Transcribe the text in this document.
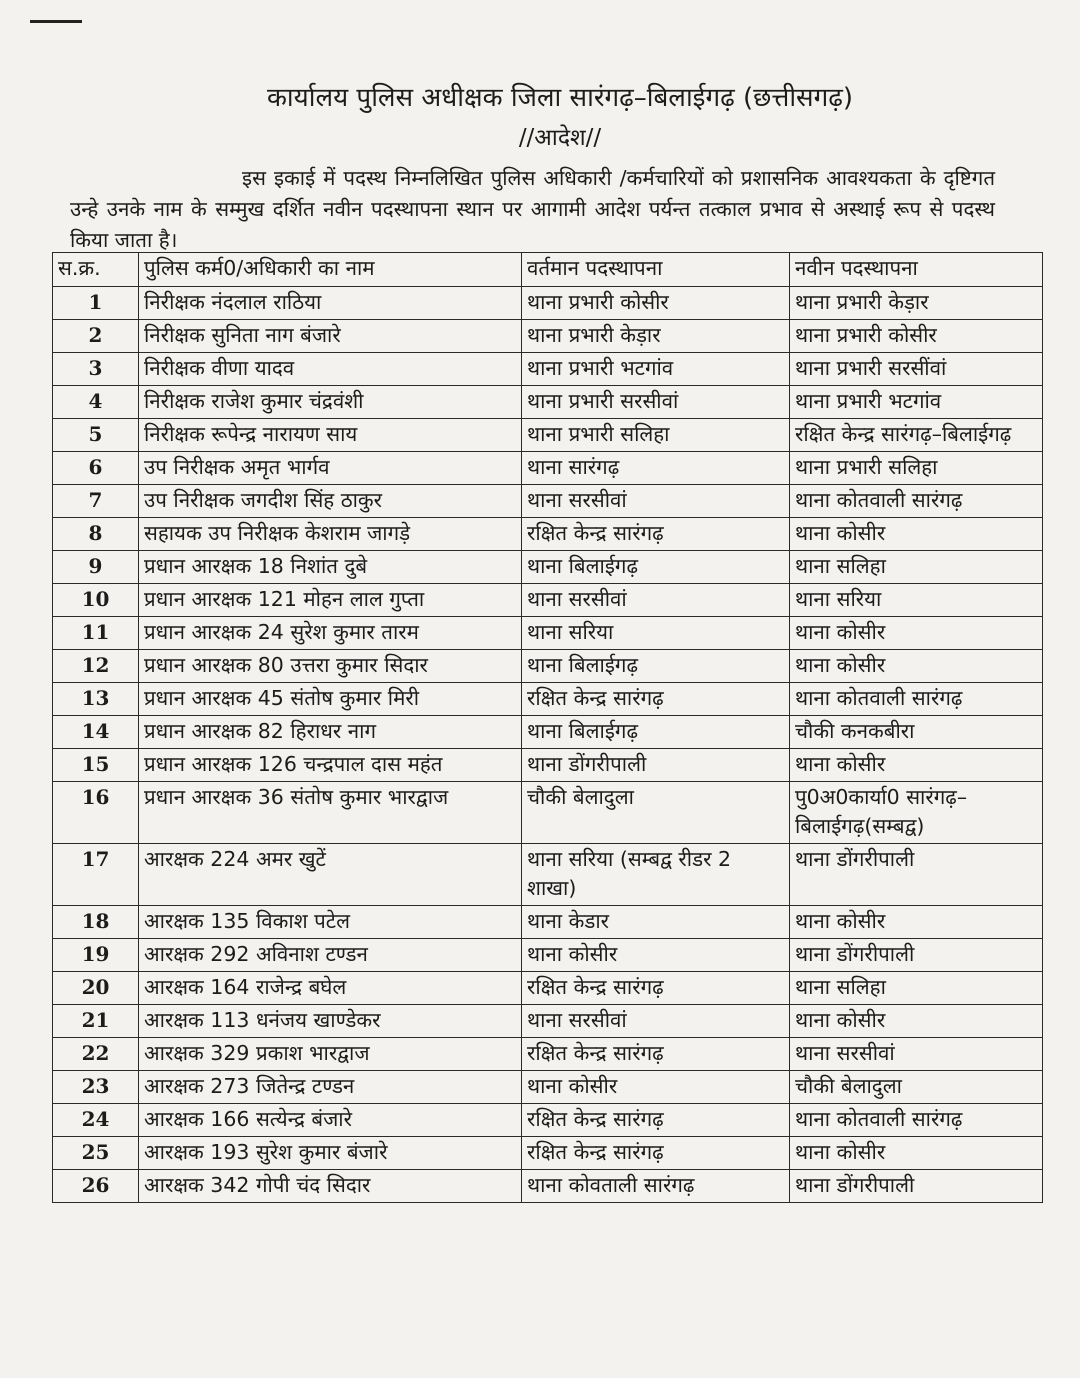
कार्यालय पुलिस अधीक्षक जिला सारंगढ़–बिलाईगढ़ (छत्तीसगढ़)
//आदेश//
इस इकाई में पदस्थ निम्नलिखित पुलिस अधिकारी /कर्मचारियों को प्रशासनिक आवश्यकता के दृष्टिगत उन्हे उनके नाम के सम्मुख दर्शित नवीन पदस्थापना स्थान पर आगामी आदेश पर्यन्त तत्काल प्रभाव से अस्थाई रूप से पदस्थ किया जाता है।
स.क्र.	पुलिस कर्म0/अधिकारी का नाम	वर्तमान पदस्थापना	नवीन पदस्थापना
1	निरीक्षक नंदलाल राठिया	थाना प्रभारी कोसीर	थाना प्रभारी केड़ार
2	निरीक्षक सुनिता नाग बंजारे	थाना प्रभारी केड़ार	थाना प्रभारी कोसीर
3	निरीक्षक वीणा यादव	थाना प्रभारी भटगांव	थाना प्रभारी सरसींवां
4	निरीक्षक राजेश कुमार चंद्रवंशी	थाना प्रभारी सरसीवां	थाना प्रभारी भटगांव
5	निरीक्षक रूपेन्द्र नारायण साय	थाना प्रभारी सलिहा	रक्षित केन्द्र सारंगढ़–बिलाईगढ़
6	उप निरीक्षक अमृत भार्गव	थाना सारंगढ़	थाना प्रभारी सलिहा
7	उप निरीक्षक जगदीश सिंह ठाकुर	थाना सरसीवां	थाना कोतवाली सारंगढ़
8	सहायक उप निरीक्षक केशराम जागड़े	रक्षित केन्द्र सारंगढ़	थाना कोसीर
9	प्रधान आरक्षक 18 निशांत दुबे	थाना बिलाईगढ़	थाना सलिहा
10	प्रधान आरक्षक 121 मोहन लाल गुप्ता	थाना सरसीवां	थाना सरिया
11	प्रधान आरक्षक 24 सुरेश कुमार तारम	थाना सरिया	थाना कोसीर
12	प्रधान आरक्षक 80 उत्तरा कुमार सिदार	थाना बिलाईगढ़	थाना कोसीर
13	प्रधान आरक्षक 45 संतोष कुमार मिरी	रक्षित केन्द्र सारंगढ़	थाना कोतवाली सारंगढ़
14	प्रधान आरक्षक 82 हिराधर नाग	थाना बिलाईगढ़	चौकी कनकबीरा
15	प्रधान आरक्षक 126 चन्द्रपाल दास महंत	थाना डोंगरीपाली	थाना कोसीर
16	प्रधान आरक्षक 36 संतोष कुमार भारद्वाज	चौकी बेलादुला	पु0अ0कार्या0 सारंगढ़–बिलाईगढ़(सम्बद्व)
17	आरक्षक 224 अमर खुटें	थाना सरिया (सम्बद्व रीडर 2 शाखा)	थाना डोंगरीपाली
18	आरक्षक 135 विकाश पटेल	थाना केडार	थाना कोसीर
19	आरक्षक 292 अविनाश टण्डन	थाना कोसीर	थाना डोंगरीपाली
20	आरक्षक 164 राजेन्द्र बघेल	रक्षित केन्द्र सारंगढ़	थाना सलिहा
21	आरक्षक 113 धनंजय खाण्डेकर	थाना सरसीवां	थाना कोसीर
22	आरक्षक 329 प्रकाश भारद्वाज	रक्षित केन्द्र सारंगढ़	थाना सरसीवां
23	आरक्षक 273 जितेन्द्र टण्डन	थाना कोसीर	चौकी बेलादुला
24	आरक्षक 166 सत्येन्द्र बंजारे	रक्षित केन्द्र सारंगढ़	थाना कोतवाली सारंगढ़
25	आरक्षक 193 सुरेश कुमार बंजारे	रक्षित केन्द्र सारंगढ़	थाना कोसीर
26	आरक्षक 342 गोपी चंद सिदार	थाना कोवताली सारंगढ़	थाना डोंगरीपाली
